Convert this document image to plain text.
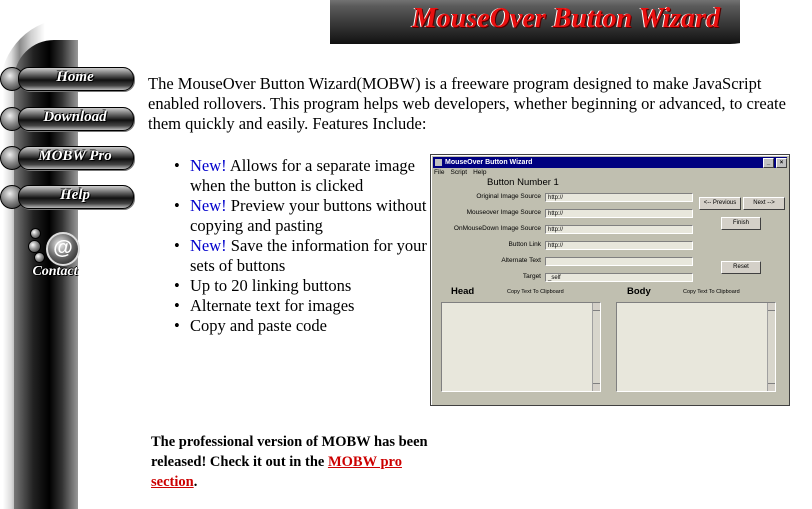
MouseOver Button Wizard
Home
Download
MOBW Pro
Help
@
Contact

The MouseOver Button Wizard(MOBW) is a freeware program designed to make JavaScript enabled rollovers. This program helps web developers, whether beginning or advanced, to create them quickly and easily. Features Include:

• New! Allows for a separate image when the button is clicked
• New! Preview your buttons without copying and pasting
• New! Save the information for your sets of buttons
• Up to 20 linking buttons
• Alternate text for images
• Copy and paste code
MouseOver Button Wizard	_	×
File Script Help
Button Number 1
Original Image Source	http://
Mouseover Image Source	http://
OnMouseDown Image Source	http://
Button Link	http://
Alternate Text
Target	_self
<-- Previous	Next -->
Finish
Reset
Head	Copy Text To Clipboard	Body	Copy Text To Clipboard

The professional version of MOBW has been released! Check it out in the MOBW pro section.
